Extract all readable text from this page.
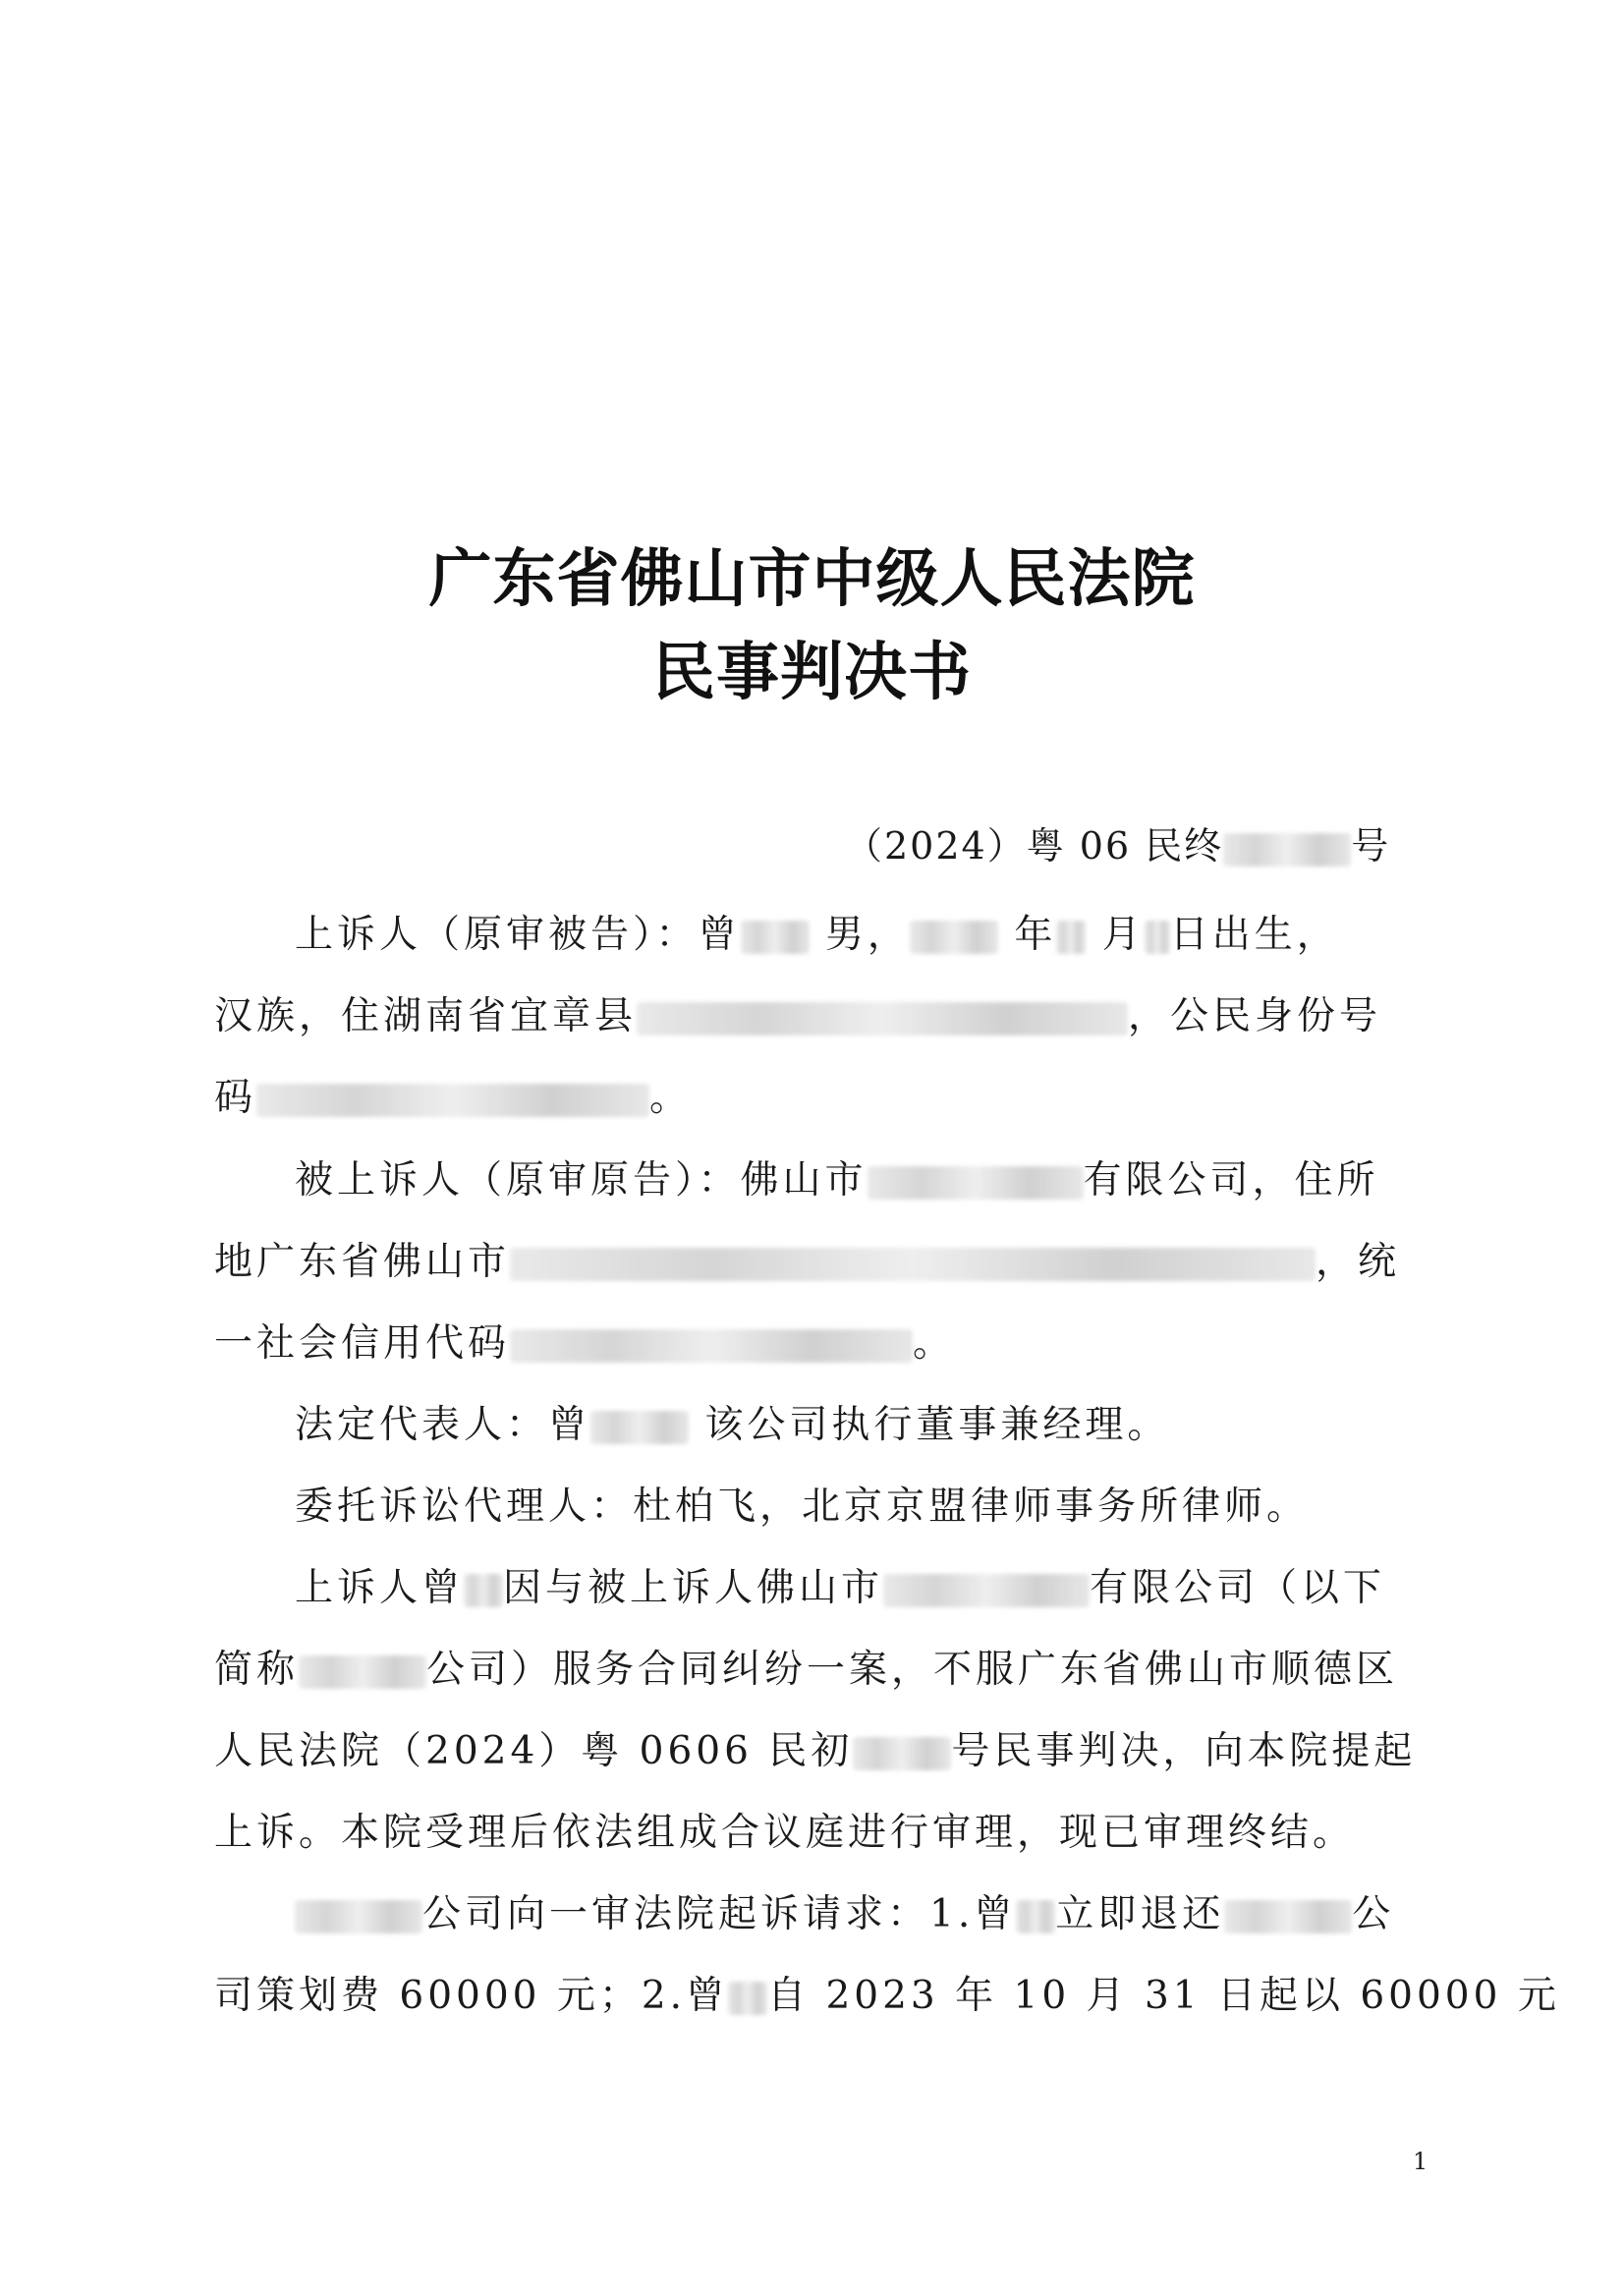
广东省佛山市中级人民法院
民事判决书
（2024）粤 06 民终	号
上诉人（原审被告）：曾 男，	年 月 日出生，
汉族，住湖南省宜章县	，公民身份号
码	。
被上诉人（原审原告）：佛山市	有限公司，住所
地广东省佛山市	，统
一社会信用代码	。
法定代表人：曾	该公司执行董事兼经理。
委托诉讼代理人：杜柏飞，北京京盟律师事务所律师。
上诉人曾 因与被上诉人佛山市	有限公司（以下
简称	公司）服务合同纠纷一案，不服广东省佛山市顺德区
人民法院（2024）粤 0606 民初	号民事判决，向本院提起
上诉。本院受理后依法组成合议庭进行审理，现已审理终结。
公司向一审法院起诉请求：1.曾 立即退还	公
司策划费 60000 元；2.曾 自 2023 年 10 月 31 日起以 60000 元
1
